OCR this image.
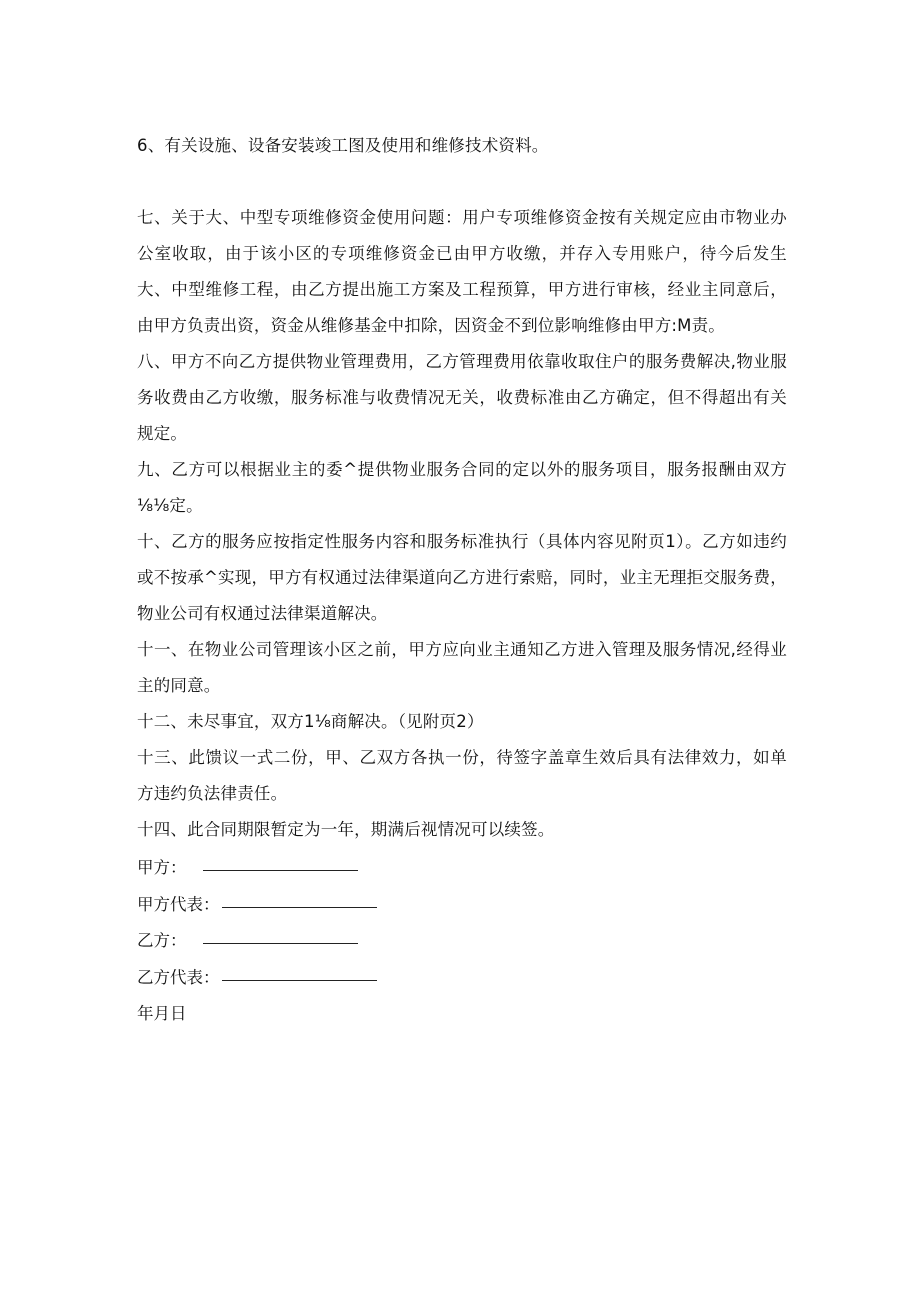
6、有关设施、设备安装竣工图及使用和维修技术资料。

七、关于大、中型专项维修资金使用问题：用户专项维修资金按有关规定应由市物业办公室收取，由于该小区的专项维修资金已由甲方收缴，并存入专用账户，待今后发生大、中型维修工程，由乙方提出施工方案及工程预算，甲方进行审核，经业主同意后，由甲方负责出资，资金从维修基金中扣除，因资金不到位影响维修由甲方:M责。

八、甲方不向乙方提供物业管理费用，乙方管理费用依靠收取住户的服务费解决,物业服务收费由乙方收缴，服务标准与收费情况无关，收费标准由乙方确定，但不得超出有关规定。

九、乙方可以根据业主的委^提供物业服务合同的定以外的服务项目，服务报酬由双方⅛⅛定。

十、乙方的服务应按指定性服务内容和服务标准执行（具体内容见附页1）。乙方如违约或不按承^实现，甲方有权通过法律渠道向乙方进行索赔，同时，业主无理拒交服务费，物业公司有权通过法律渠道解决。

十一、在物业公司管理该小区之前，甲方应向业主通知乙方进入管理及服务情况,经得业主的同意。

十二、未尽事宜，双方1⅛商解决。（见附页2）

十三、此馈议一式二份，甲、乙双方各执一份，待签字盖章生效后具有法律效力，如单方违约负法律责任。

十四、此合同期限暂定为一年，期满后视情况可以续签。

甲方：
甲方代表：
乙方：
乙方代表：
年月日
